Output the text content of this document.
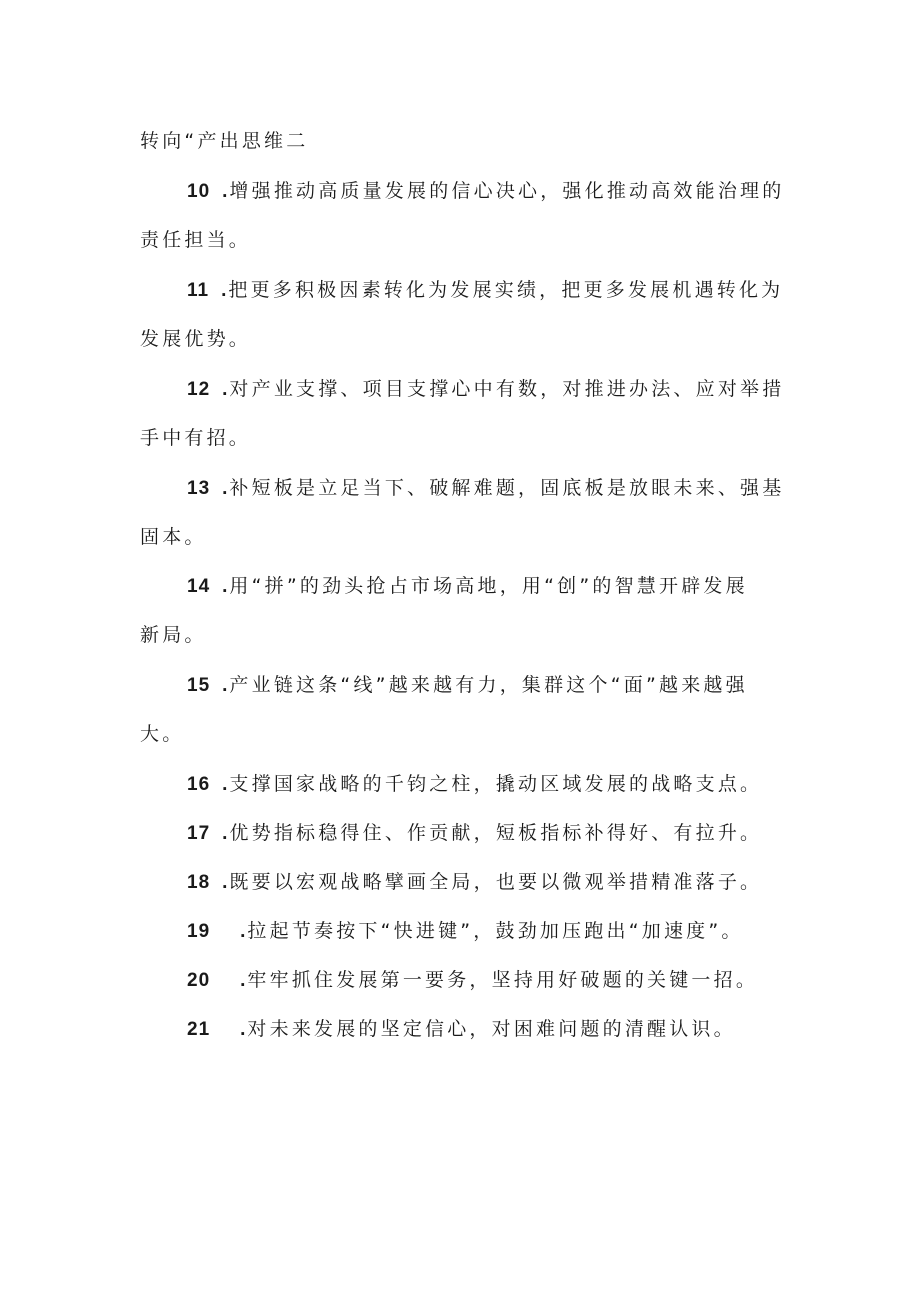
转向“产出思维二
10 . 增强推动高质量发展的信心决心，强化推动高效能治理的
责任担当。
11 . 把更多积极因素转化为发展实绩，把更多发展机遇转化为
发展优势。
12 . 对产业支撑、项目支撑心中有数，对推进办法、应对举措
手中有招。
13 . 补短板是立足当下、破解难题，固底板是放眼未来、强基
固本。
14 . 用“拼”的劲头抢占市场高地，用“创”的智慧开辟发展
新局。
15 . 产业链这条“线”越来越有力，集群这个“面”越来越强
大。
16 . 支撑国家战略的千钧之柱，撬动区域发展的战略支点。
17 . 优势指标稳得住、作贡献，短板指标补得好、有拉升。
18 . 既要以宏观战略擘画全局，也要以微观举措精准落子。
19 . 拉起节奏按下“快进键”，鼓劲加压跑出“加速度”。
20 . 牢牢抓住发展第一要务，坚持用好破题的关键一招。
21 . 对未来发展的坚定信心，对困难问题的清醒认识。
